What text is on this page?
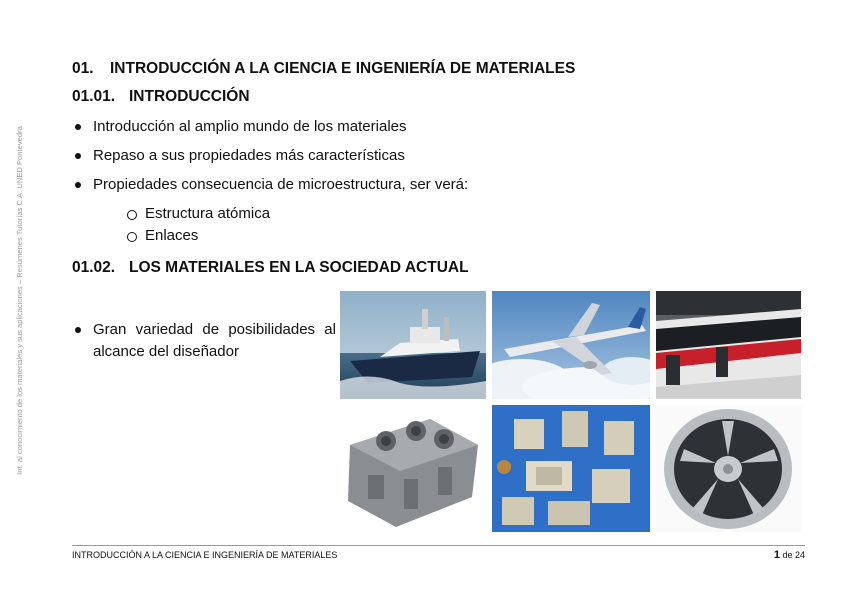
Int. al conocimiento de los materiales y sus aplicaciones – Resúmenes Tutorías C.A. UNED Pontevedra
01. INTRODUCCIÓN A LA CIENCIA E INGENIERÍA DE MATERIALES
01.01. INTRODUCCIÓN
Introducción al amplio mundo de los materiales
Repaso a sus propiedades más características
Propiedades consecuencia de microestructura, ser verá:
Estructura atómica
Enlaces
01.02. LOS MATERIALES EN LA SOCIEDAD ACTUAL
Gran variedad de posibilidades al alcance del diseñador
INTRODUCCIÓN A LA CIENCIA E INGENIERÍA DE MATERIALES	1 de 24
